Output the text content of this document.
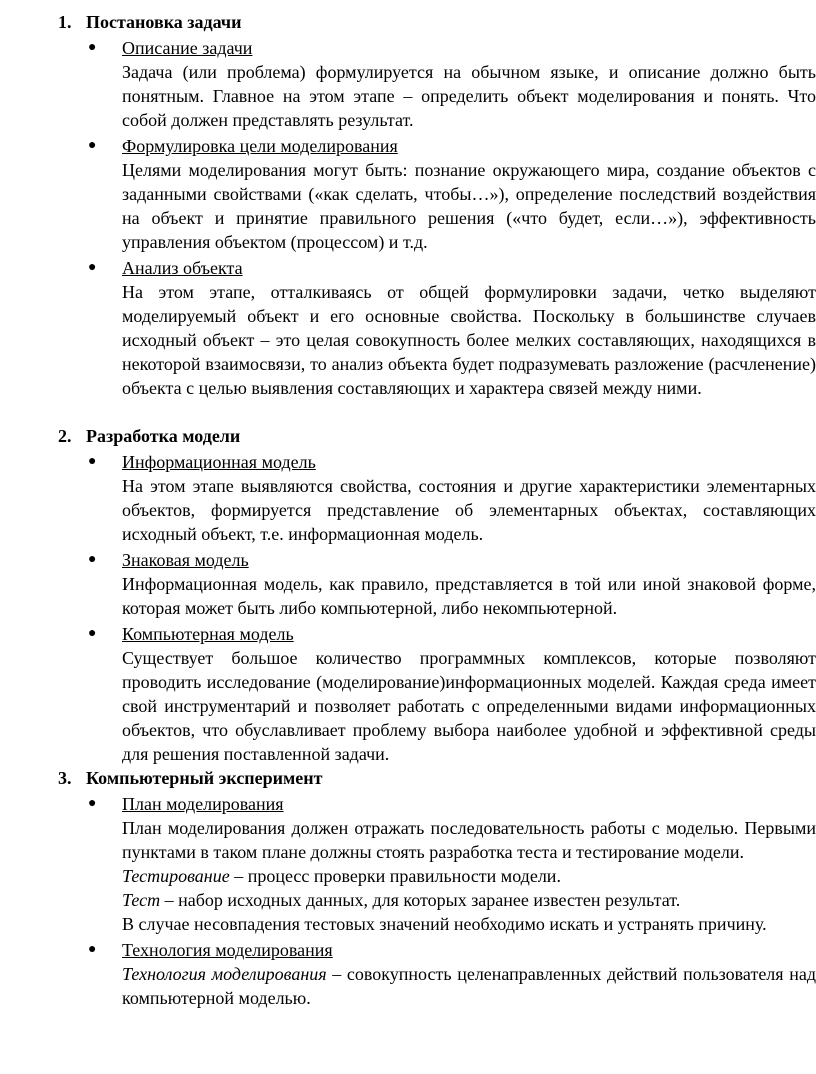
1. Постановка задачи
●	Описание задачи
Задача (или проблема) формулируется на обычном языке, и описание должно быть понятным. Главное на этом этапе – определить объект моделирования и понять. Что собой должен представлять результат.
●	Формулировка цели моделирования
Целями моделирования могут быть: познание окружающего мира, создание объектов с заданными свойствами («как сделать, чтобы…»), определение последствий воздействия на объект и принятие правильного решения («что будет, если…»), эффективность управления объектом (процессом) и т.д.
●	Анализ объекта
На этом этапе, отталкиваясь от общей формулировки задачи, четко выделяют моделируемый объект и его основные свойства. Поскольку в большинстве случаев исходный объект – это целая совокупность более мелких составляющих, находящихся в некоторой взаимосвязи, то анализ объекта будет подразумевать разложение (расчленение) объекта с целью выявления составляющих и характера связей между ними.
2. Разработка модели
●	Информационная модель
На этом этапе выявляются свойства, состояния и другие характеристики элементарных объектов, формируется представление об элементарных объектах, составляющих исходный объект, т.е. информационная модель.
●	Знаковая модель
Информационная модель, как правило, представляется в той или иной знаковой форме, которая может быть либо компьютерной, либо некомпьютерной.
●	Компьютерная модель
Существует большое количество программных комплексов, которые позволяют проводить исследование (моделирование)информационных моделей. Каждая среда имеет свой инструментарий и позволяет работать с определенными видами информационных объектов, что обуславливает проблему выбора наиболее удобной и эффективной среды для решения поставленной задачи.
3. Компьютерный эксперимент
●	План моделирования
План моделирования должен отражать последовательность работы с моделью. Первыми пунктами в таком плане должны стоять разработка теста и тестирование модели.
Тестирование – процесс проверки правильности модели.
Тест – набор исходных данных, для которых заранее известен результат.
В случае несовпадения тестовых значений необходимо искать и устранять причину.
●	Технология моделирования
Технология моделирования – совокупность целенаправленных действий пользователя над компьютерной моделью.
